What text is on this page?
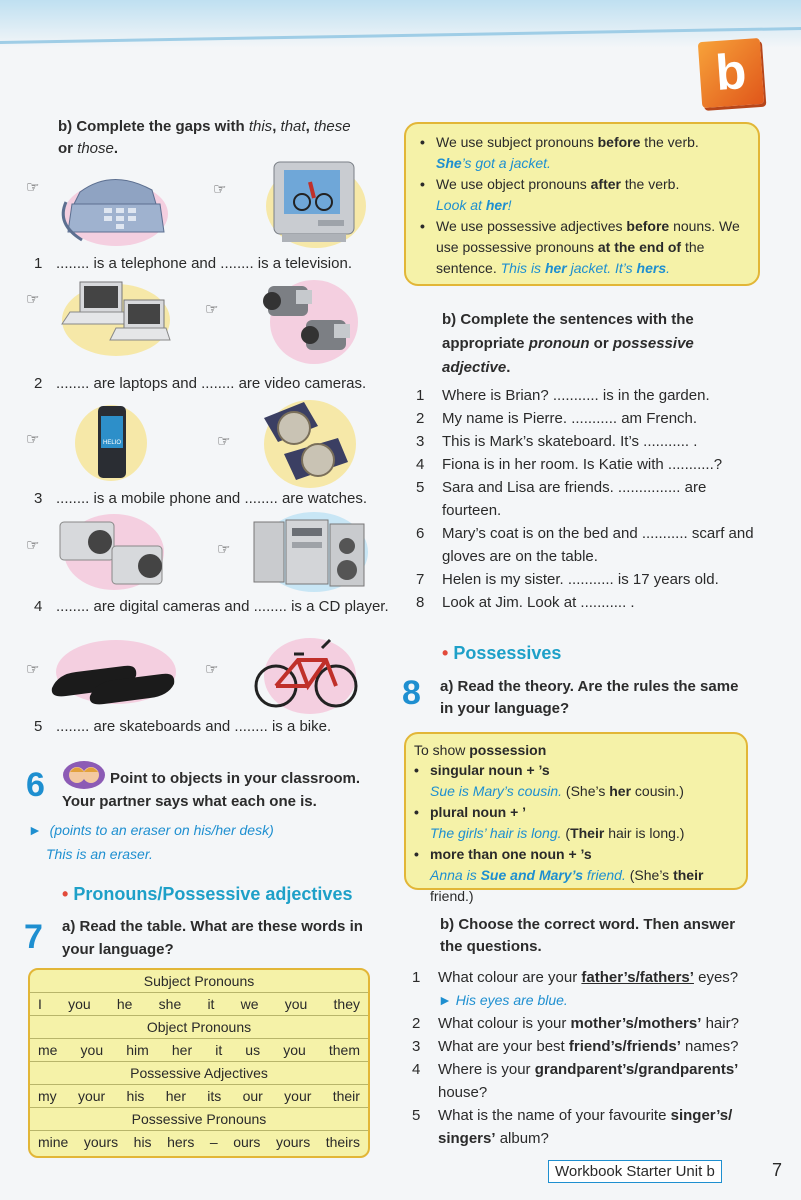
b
b) Complete the gaps with this, that, these
or those.
☞	☞
1 ........ is a telephone and ........ is a television.
☞
☞
2 ........ are laptops and ........ are video cameras.
☞	HELIO	☞
3 ........ is a mobile phone and ........ are watches.
☞	☞
4 ........ are digital cameras and ........ is a CD player.
☞	☞
5 ........ are skateboards and ........ is a bike.
6	Point to objects in your classroom.
Your partner says what each one is.
►  (points to an eraser on his/her desk)
This is an eraser.
• Pronouns/Possessive adjectives
7 a) Read the table. What are these words in
your language?
Subject Pronouns
I you he she it we you they
Object Pronouns
me you him her it us you them
Possessive Adjectives
my your his her its our your their
Possessive Pronouns
mine yours his hers – ours yours theirs
• We use subject pronouns before the verb.
She’s got a jacket.
• We use object pronouns after the verb.
Look at her!
• We use possessive adjectives before nouns. We
use possessive pronouns at the end of the
sentence. This is her jacket. It’s hers.
b) Complete the sentences with the
appropriate pronoun or possessive
adjective.
1 Where is Brian? ........... is in the garden.
2 My name is Pierre. ........... am French.
3 This is Mark’s skateboard. It’s ........... .
4 Fiona is in her room. Is Katie with ...........?
5 Sara and Lisa are friends. ............... are
fourteen.
6 Mary’s coat is on the bed and ........... scarf and
gloves are on the table.
7 Helen is my sister. ........... is 17 years old.
8 Look at Jim. Look at ........... .
• Possessives
8 a) Read the theory. Are the rules the same
in your language?
To show possession
• singular noun + ’s
Sue is Mary’s cousin. (She’s her cousin.)
• plural noun + ’
The girls’ hair is long. (Their hair is long.)
• more than one noun + ’s
Anna is Sue and Mary’s friend. (She’s their friend.)
b) Choose the correct word. Then answer
the questions.
1 What colour are your father’s/fathers’ eyes?
► His eyes are blue.
2 What colour is your mother’s/mothers’ hair?
3 What are your best friend’s/friends’ names?
4 Where is your grandparent’s/grandparents’
house?
5 What is the name of your favourite singer’s/
singers’ album?
Workbook Starter Unit b	7
